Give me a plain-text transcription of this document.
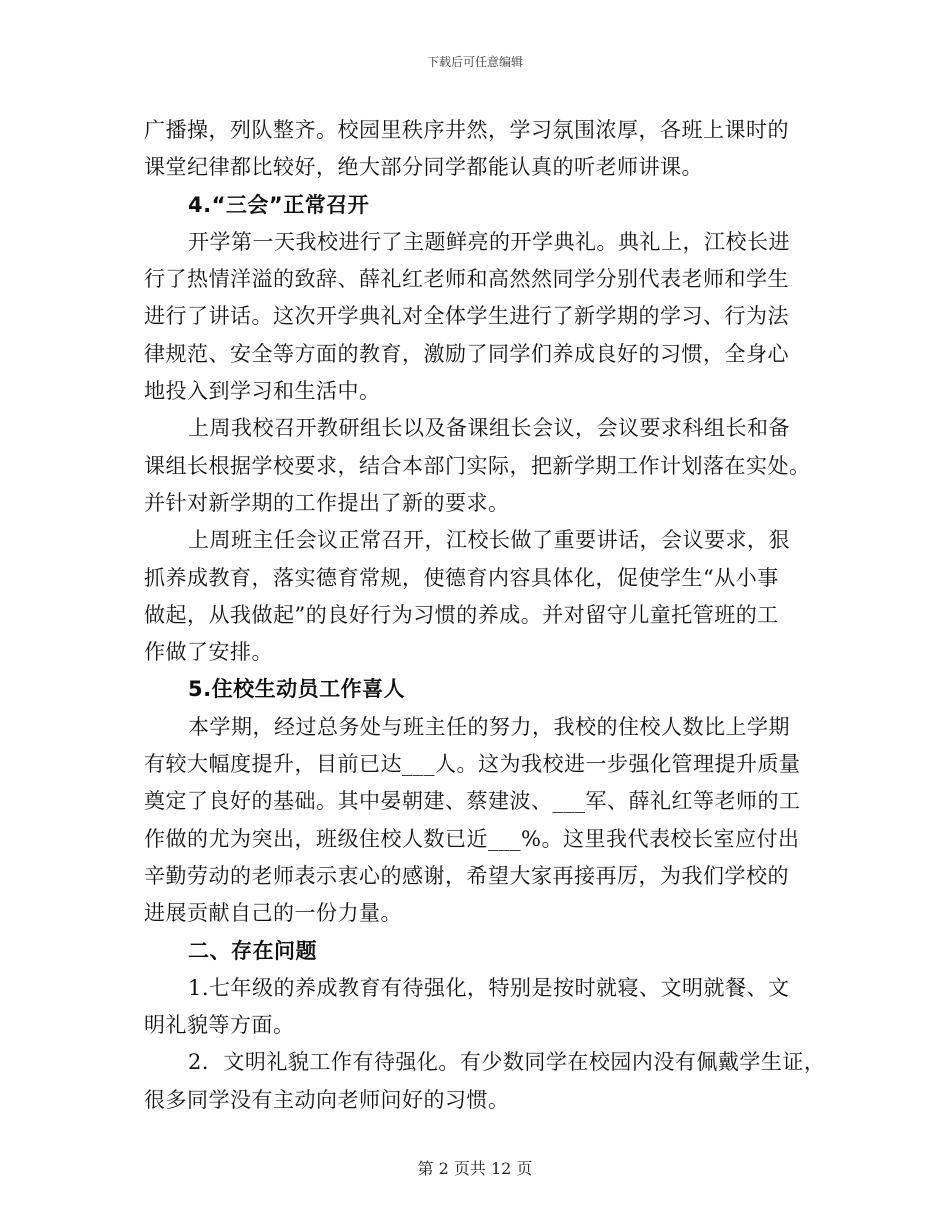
下载后可任意编辑
广播操，列队整齐。校园里秩序井然，学习氛围浓厚，各班上课时的
课堂纪律都比较好，绝大部分同学都能认真的听老师讲课。
4.“三会”正常召开
开学第一天我校进行了主题鲜亮的开学典礼。典礼上，江校长进
行了热情洋溢的致辞、薛礼红老师和高然然同学分别代表老师和学生
进行了讲话。这次开学典礼对全体学生进行了新学期的学习、行为法
律规范、安全等方面的教育，激励了同学们养成良好的习惯，全身心
地投入到学习和生活中。
上周我校召开教研组长以及备课组长会议，会议要求科组长和备
课组长根据学校要求，结合本部门实际，把新学期工作计划落在实处。
并针对新学期的工作提出了新的要求。
上周班主任会议正常召开，江校长做了重要讲话，会议要求，狠
抓养成教育，落实德育常规，使德育内容具体化，促使学生“从小事
做起，从我做起”的良好行为习惯的养成。并对留守儿童托管班的工
作做了安排。
5.住校生动员工作喜人
本学期，经过总务处与班主任的努力，我校的住校人数比上学期
有较大幅度提升，目前已达___人。这为我校进一步强化管理提升质量
奠定了良好的基础。其中晏朝建、蔡建波、___军、薛礼红等老师的工
作做的尤为突出，班级住校人数已近___%。这里我代表校长室应付出
辛勤劳动的老师表示衷心的感谢，希望大家再接再厉，为我们学校的
进展贡献自己的一份力量。
二、存在问题
1.七年级的养成教育有待强化，特别是按时就寝、文明就餐、文
明礼貌等方面。
2．文明礼貌工作有待强化。有少数同学在校园内没有佩戴学生证，
很多同学没有主动向老师问好的习惯。
第 2 页共 12 页
